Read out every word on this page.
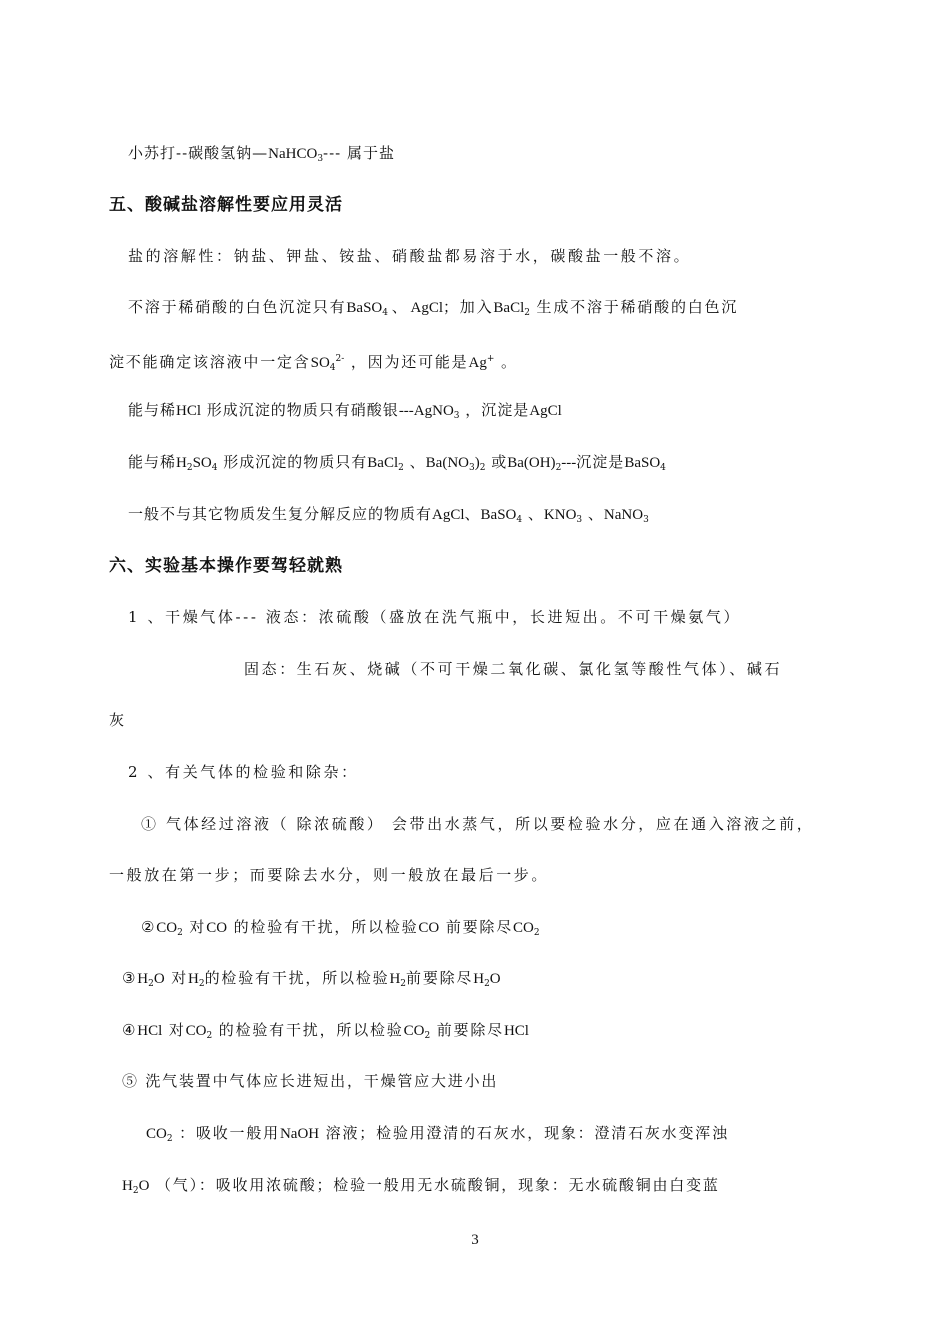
小苏打--碳酸氢钠—NaHCO$_3$--- 属于盐
五、酸碱盐溶解性要应用灵活
盐的溶解性：钠盐、钾盐、铵盐、硝酸盐都易溶于水，碳酸盐一般不溶。
不溶于稀硝酸的白色沉淀只有BaSO$_4$ 、 AgCl；加入BaCl$_2$ 生成不溶于稀硝酸的白色沉
淀不能确定该溶液中一定含$SO_4^{2-}$ ，因为还可能是Ag+ 。
能与稀HCl 形成沉淀的物质只有硝酸银---AgNO$_3$ ，沉淀是AgCl
能与稀$H_2SO_4$ 形成沉淀的物质只有BaCl$_2$ 、$Ba(NO_3)_2$ 或$Ba(OH)_2---$沉淀是BaSO$_4$
一般不与其它物质发生复分解反应的物质有AgCl、BaSO$_4$ 、$KNO_3$ 、NaNO$_3$
六、实验基本操作要驾轻就熟
1 、干燥气体--- 液态：浓硫酸（盛放在洗气瓶中，长进短出。不可干燥氨气）
固态：生石灰、烧碱（不可干燥二氧化碳、氯化氢等酸性气体）、碱石
灰
2 、有关气体的检验和除杂：
① 气体经过溶液（ 除浓硫酸） 会带出水蒸气，所以要检验水分，应在通入溶液之前，
一般放在第一步；而要除去水分，则一般放在最后一步。
$②CO_2$ 对CO 的检验有干扰，所以检验CO 前要除尽$CO_2$
$③H_2O$ 对$H_2$的检验有干扰，所以检验$H_2$前要除尽$H_2O$
④HCl 对$CO_2$ 的检验有干扰，所以检验$CO_2$ 前要除尽HCl
⑤ 洗气装置中气体应长进短出，干燥管应大进小出
$CO_2$ ：吸收一般用NaOH 溶液；检验用澄清的石灰水，现象：澄清石灰水变浑浊
$H_2O$ （气）：吸收用浓硫酸；检验一般用无水硫酸铜，现象：无水硫酸铜由白变蓝
3
